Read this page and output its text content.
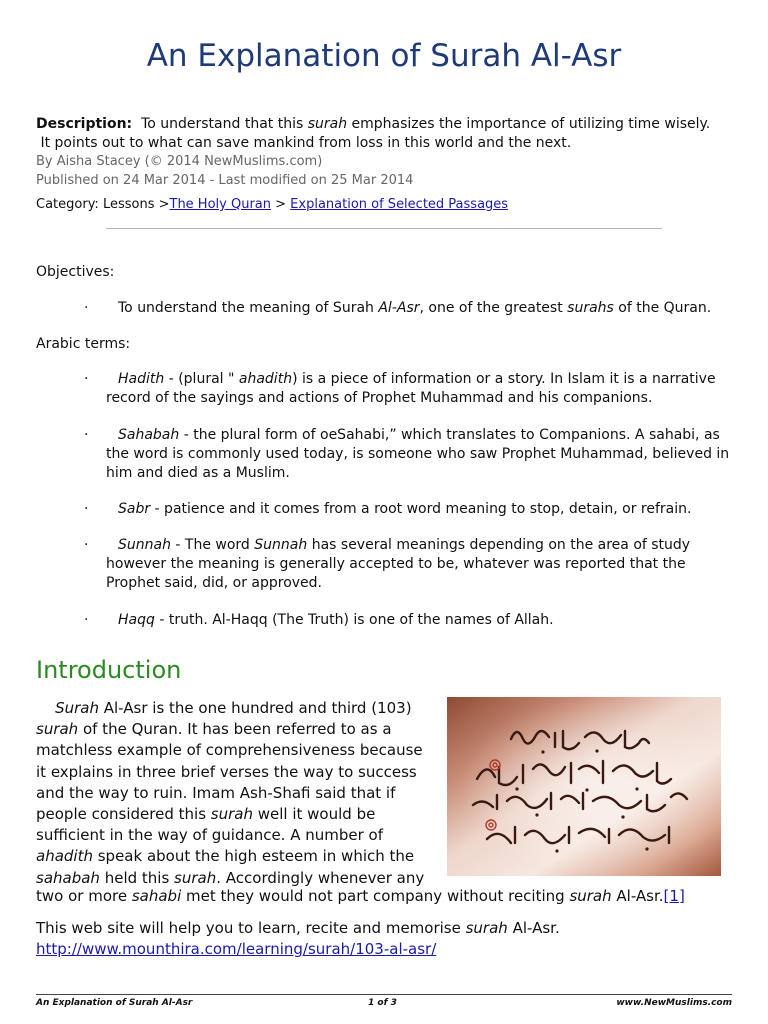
An Explanation of Surah Al-Asr
Description: To understand that this surah emphasizes the importance of utilizing time wisely.
It points out to what can save mankind from loss in this world and the next.
By Aisha Stacey (© 2014 NewMuslims.com)
Published on 24 Mar 2014 - Last modified on 25 Mar 2014
Category: Lessons >The Holy Quran > Explanation of Selected Passages
Objectives:
· To understand the meaning of Surah Al-Asr, one of the greatest surahs of the Quran.
Arabic terms:
·	Hadith - (plural " ahadith) is a piece of information or a story. In Islam it is a narrative record of the sayings and actions of Prophet Muhammad and his companions.
·	Sahabah - the plural form of oeSahabi,” which translates to Companions. A sahabi, as the word is commonly used today, is someone who saw Prophet Muhammad, believed in him and died as a Muslim.
·	Sabr - patience and it comes from a root word meaning to stop, detain, or refrain.
·	Sunnah - The word Sunnah has several meanings depending on the area of study however the meaning is generally accepted to be, whatever was reported that the Prophet said, did, or approved.
·	Haqq - truth. Al-Haqq (The Truth) is one of the names of Allah.
Introduction
Surah Al-Asr is the one hundred and third (103) surah of the Quran. It has been referred to as a matchless example of comprehensiveness because it explains in three brief verses the way to success and the way to ruin. Imam Ash-Shafi said that if people considered this surah well it would be sufficient in the way of guidance. A number of ahadith speak about the high esteem in which the sahabah held this surah. Accordingly whenever any
two or more sahabi met they would not part company without reciting surah Al-Asr.[1]
This web site will help you to learn, recite and memorise surah Al-Asr.
http://www.mounthira.com/learning/surah/103-al-asr/
An Explanation of Surah Al-Asr	1 of 3	www.NewMuslims.com
